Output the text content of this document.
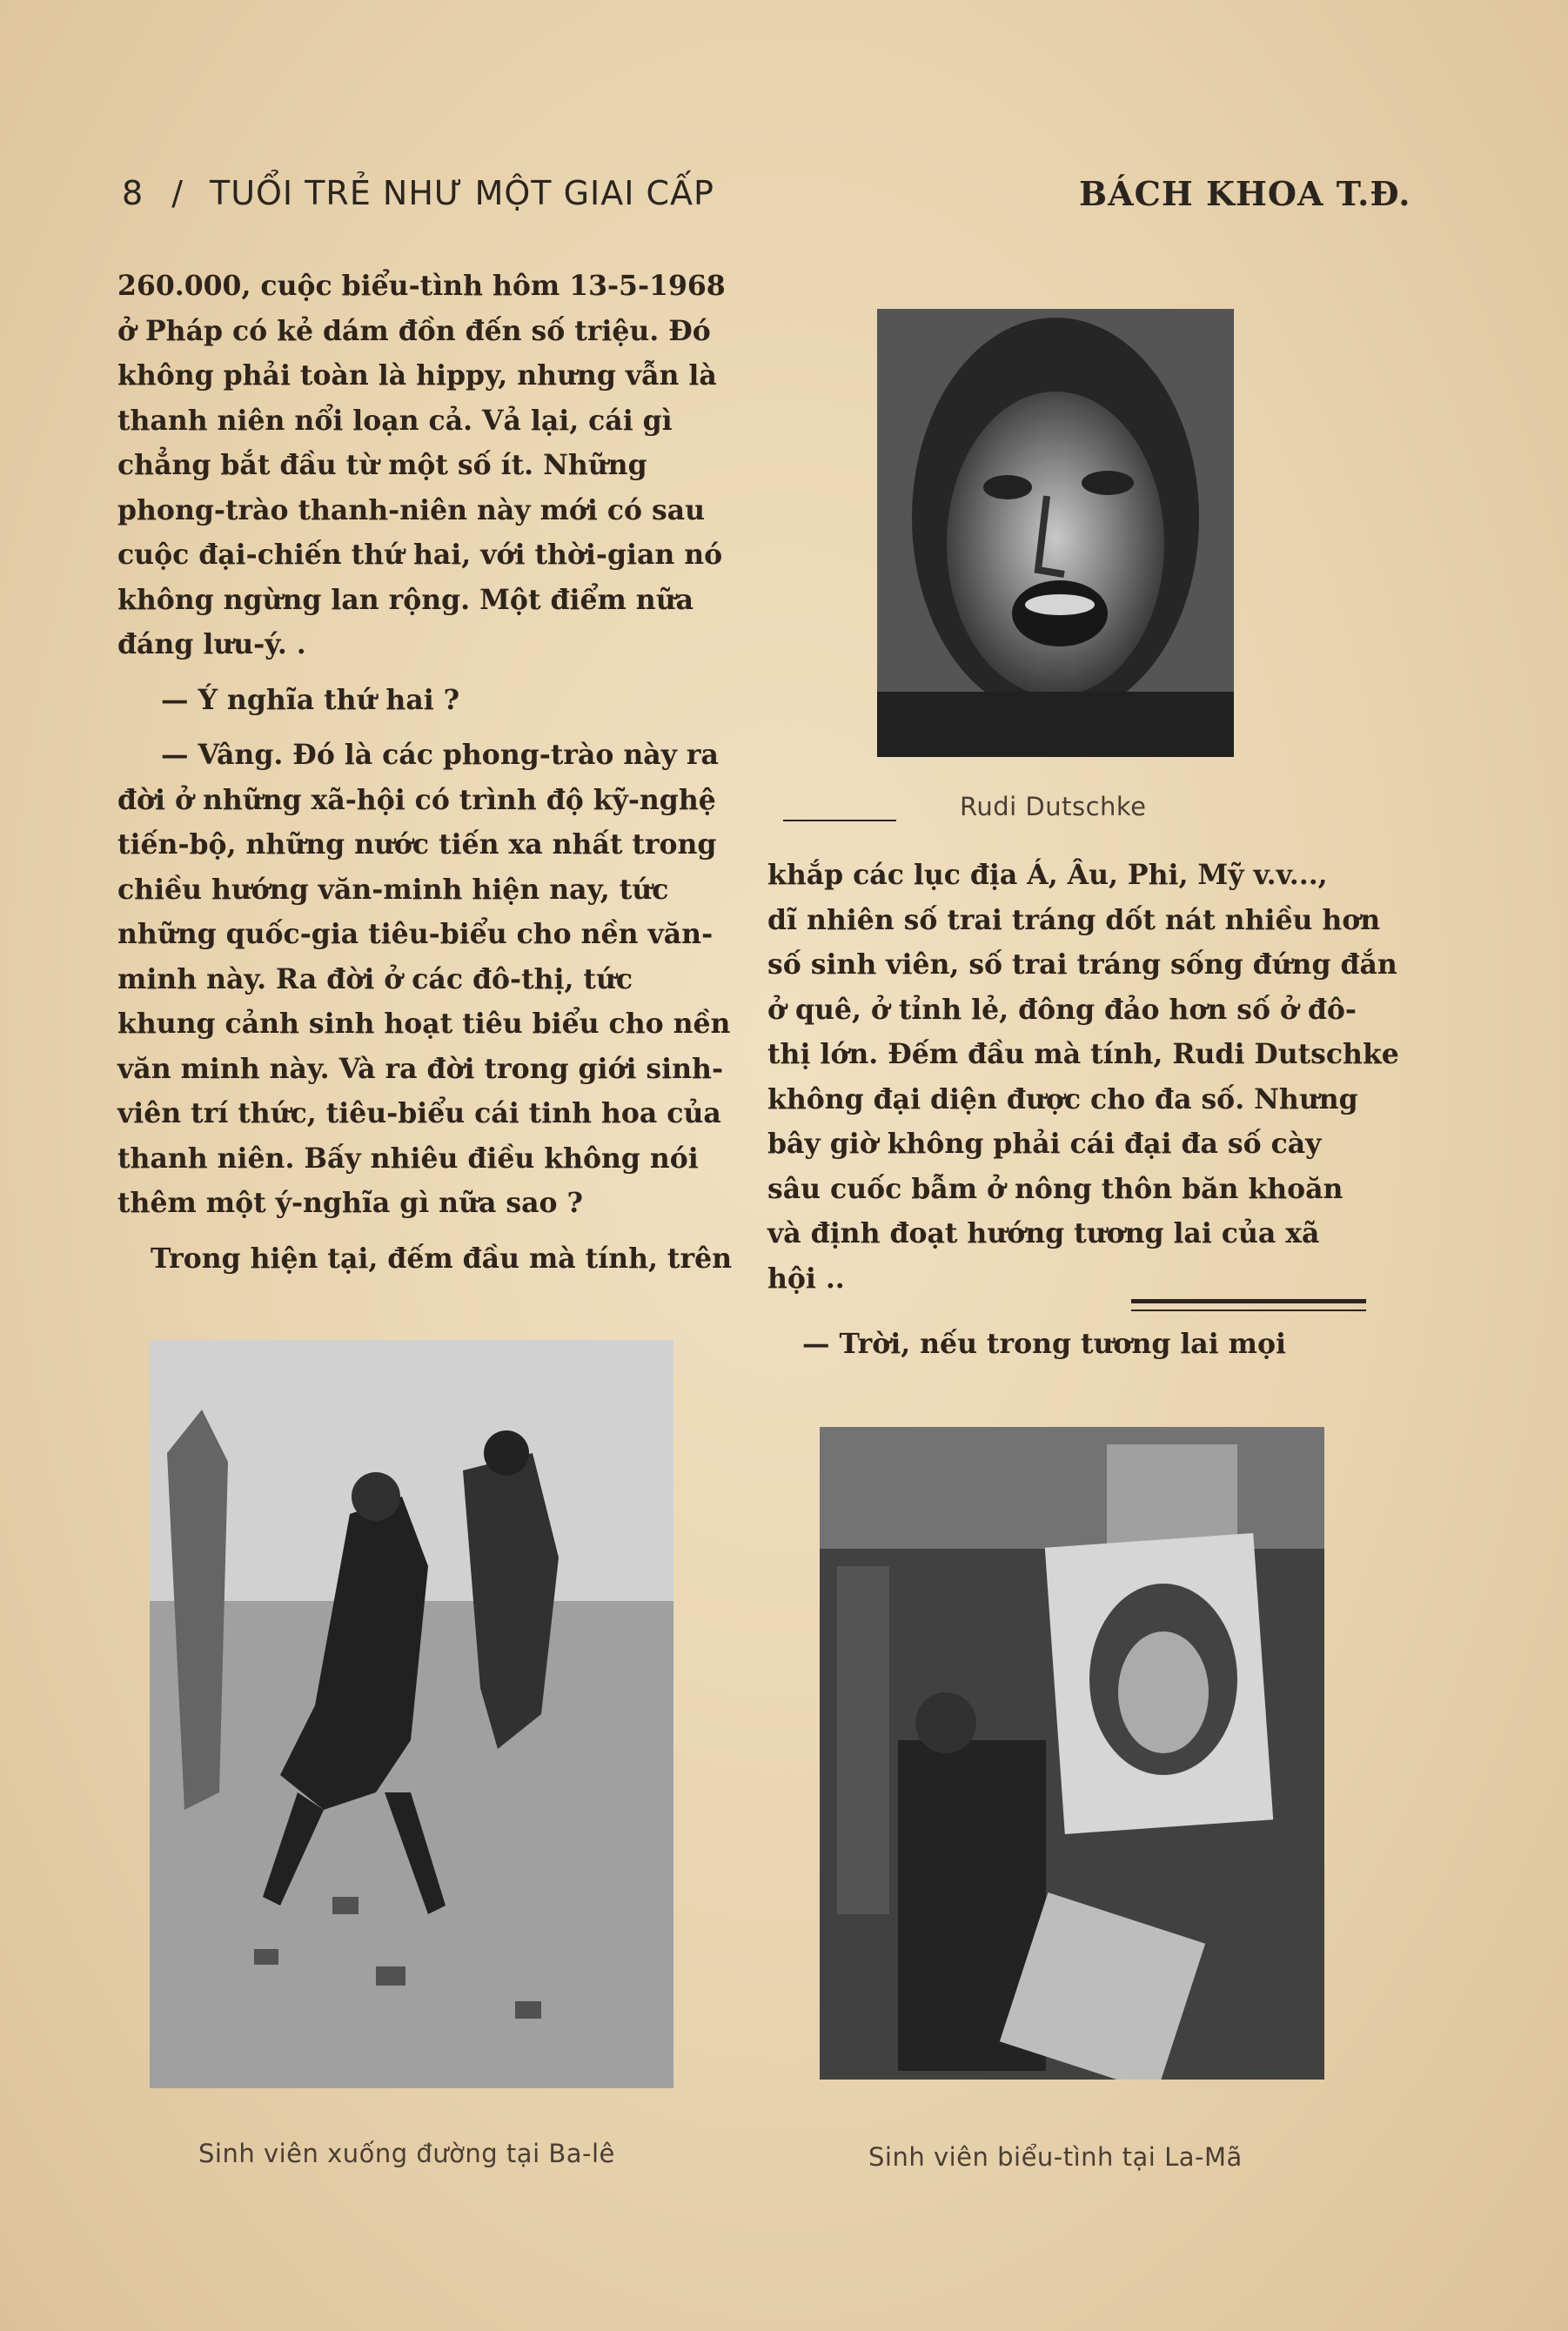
8 / TUỔI TRẺ NHƯ MỘT GIAI CẤP	BÁCH KHOA T.Đ.
260.000, cuộc biểu-tình hôm 13-5-1968
ở Pháp có kẻ dám đồn đến số triệu. Đó
không phải toàn là hippy, nhưng vẫn là
thanh niên nổi loạn cả. Vả lại, cái gì
chẳng bắt đầu từ một số ít. Những
phong-trào thanh-niên này mới có sau
cuộc đại-chiến thứ hai, với thời-gian nó
không ngừng lan rộng. Một điểm nữa
đáng lưu-ý. .
— Ý nghĩa thứ hai ?
— Vâng. Đó là các phong-trào này ra
đời ở những xã-hội có trình độ kỹ-nghệ
tiến-bộ, những nước tiến xa nhất trong
chiều hướng văn-minh hiện nay, tức
những quốc-gia tiêu-biểu cho nền văn-
minh này. Ra đời ở các đô-thị, tức
khung cảnh sinh hoạt tiêu biểu cho nền
văn minh này. Và ra đời trong giới sinh-
viên trí thức, tiêu-biểu cái tinh hoa của
thanh niên. Bấy nhiêu điều không nói
thêm một ý-nghĩa gì nữa sao ?
Trong hiện tại, đếm đầu mà tính, trên
khắp các lục địa Á, Âu, Phi, Mỹ v.v...,
dĩ nhiên số trai tráng dốt nát nhiều hơn
số sinh viên, số trai tráng sống đứng đắn
ở quê, ở tỉnh lẻ, đông đảo hơn số ở đô-
thị lớn. Đếm đầu mà tính, Rudi Dutschke
không đại diện được cho đa số. Nhưng
bây giờ không phải cái đại đa số cày
sâu cuốc bẫm ở nông thôn băn khoăn
và định đoạt hướng tương lai của xã
hội ..
— Trời, nếu trong tương lai mọi
Rudi Dutschke
Sinh viên xuống đường tại Ba-lê	Sinh viên biểu-tình tại La-Mã
